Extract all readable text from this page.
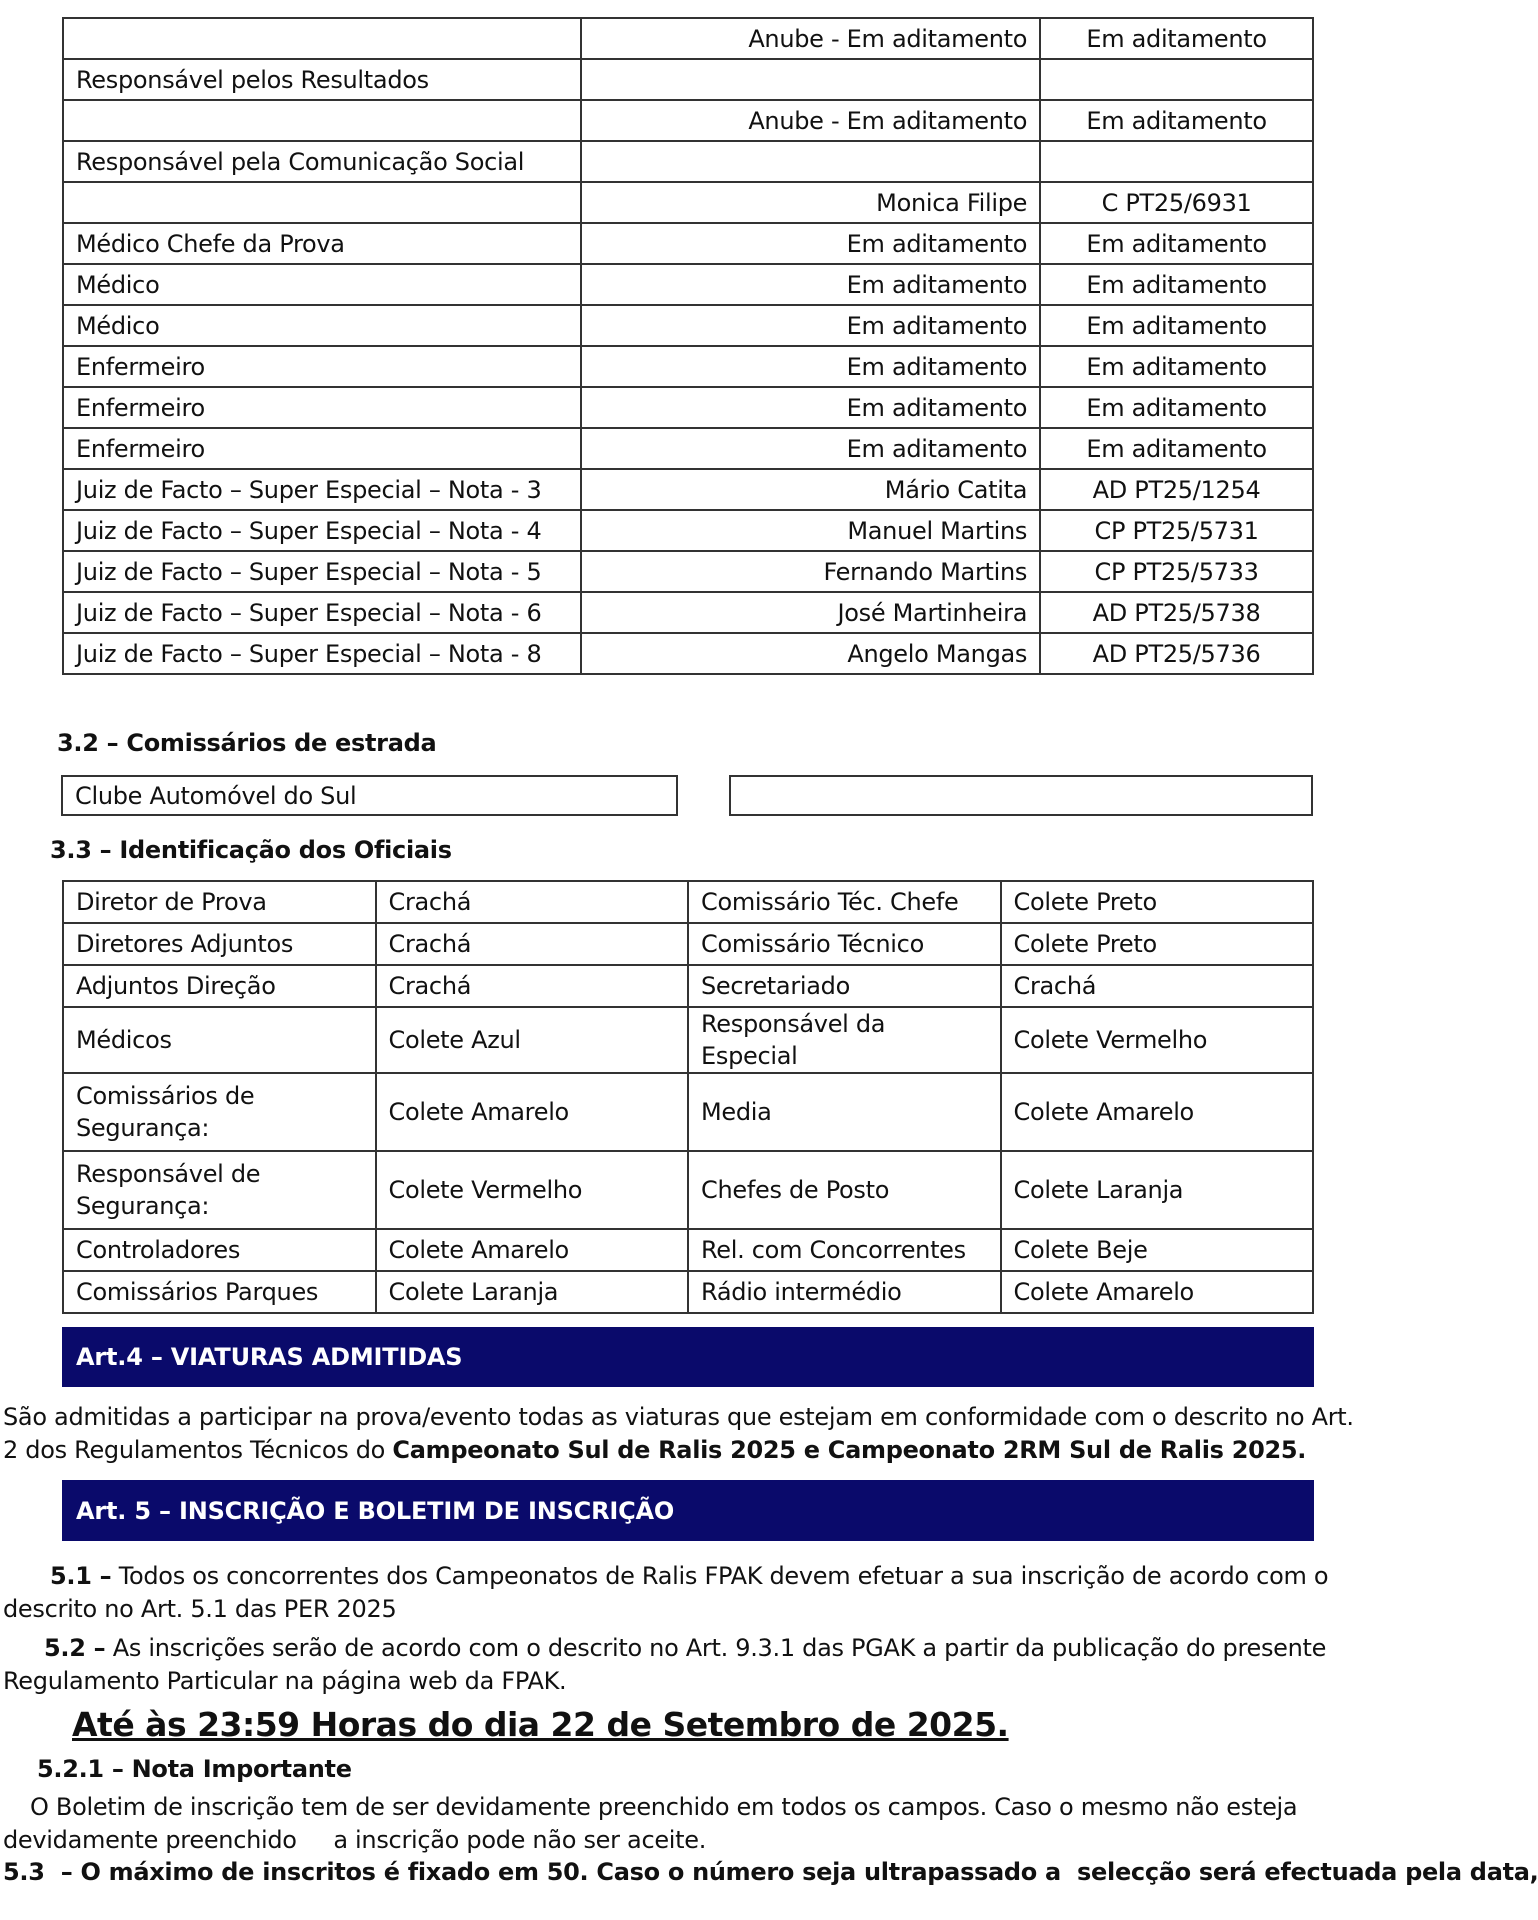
	Anube - Em aditamento	Em aditamento
Responsável pelos Resultados		
	Anube - Em aditamento	Em aditamento
Responsável pela Comunicação Social		
	Monica Filipe	C PT25/6931
Médico Chefe da Prova	Em aditamento	Em aditamento
Médico	Em aditamento	Em aditamento
Médico	Em aditamento	Em aditamento
Enfermeiro	Em aditamento	Em aditamento
Enfermeiro	Em aditamento	Em aditamento
Enfermeiro	Em aditamento	Em aditamento
Juiz de Facto – Super Especial – Nota - 3	Mário Catita	AD PT25/1254
Juiz de Facto – Super Especial – Nota - 4	Manuel Martins	CP PT25/5731
Juiz de Facto – Super Especial – Nota - 5	Fernando Martins	CP PT25/5733
Juiz de Facto – Super Especial – Nota - 6	José Martinheira	AD PT25/5738
Juiz de Facto – Super Especial – Nota - 8	Angelo Mangas	AD PT25/5736
3.2 – Comissários de estrada
Clube Automóvel do Sul
3.3 – Identificação dos Oficiais
Diretor de Prova	Crachá	Comissário Téc. Chefe	Colete Preto
Diretores Adjuntos	Crachá	Comissário Técnico	Colete Preto
Adjuntos Direção	Crachá	Secretariado	Crachá
Médicos	Colete Azul	Responsável da Especial	Colete Vermelho
Comissários de Segurança:	Colete Amarelo	Media	Colete Amarelo
Responsável de Segurança:	Colete Vermelho	Chefes de Posto	Colete Laranja
Controladores	Colete Amarelo	Rel. com Concorrentes	Colete Beje
Comissários Parques	Colete Laranja	Rádio intermédio	Colete Amarelo
Art.4 – VIATURAS ADMITIDAS
São admitidas a participar na prova/evento todas as viaturas que estejam em conformidade com o descrito no Art. 2 dos Regulamentos Técnicos do Campeonato Sul de Ralis 2025 e Campeonato 2RM Sul de Ralis 2025.
Art. 5 – INSCRIÇÃO E BOLETIM DE INSCRIÇÃO
5.1 – Todos os concorrentes dos Campeonatos de Ralis FPAK devem efetuar a sua inscrição de acordo com o descrito no Art. 5.1 das PER 2025
5.2 – As inscrições serão de acordo com o descrito no Art. 9.3.1 das PGAK a partir da publicação do presente Regulamento Particular na página web da FPAK.
Até às 23:59 Horas do dia 22 de Setembro de 2025.
5.2.1 – Nota Importante
O Boletim de inscrição tem de ser devidamente preenchido em todos os campos. Caso o mesmo não esteja devidamente preenchido     a inscrição pode não ser aceite.
5.3  – O máximo de inscritos é fixado em 50. Caso o número seja ultrapassado a  selecção será efectuada pela data,
